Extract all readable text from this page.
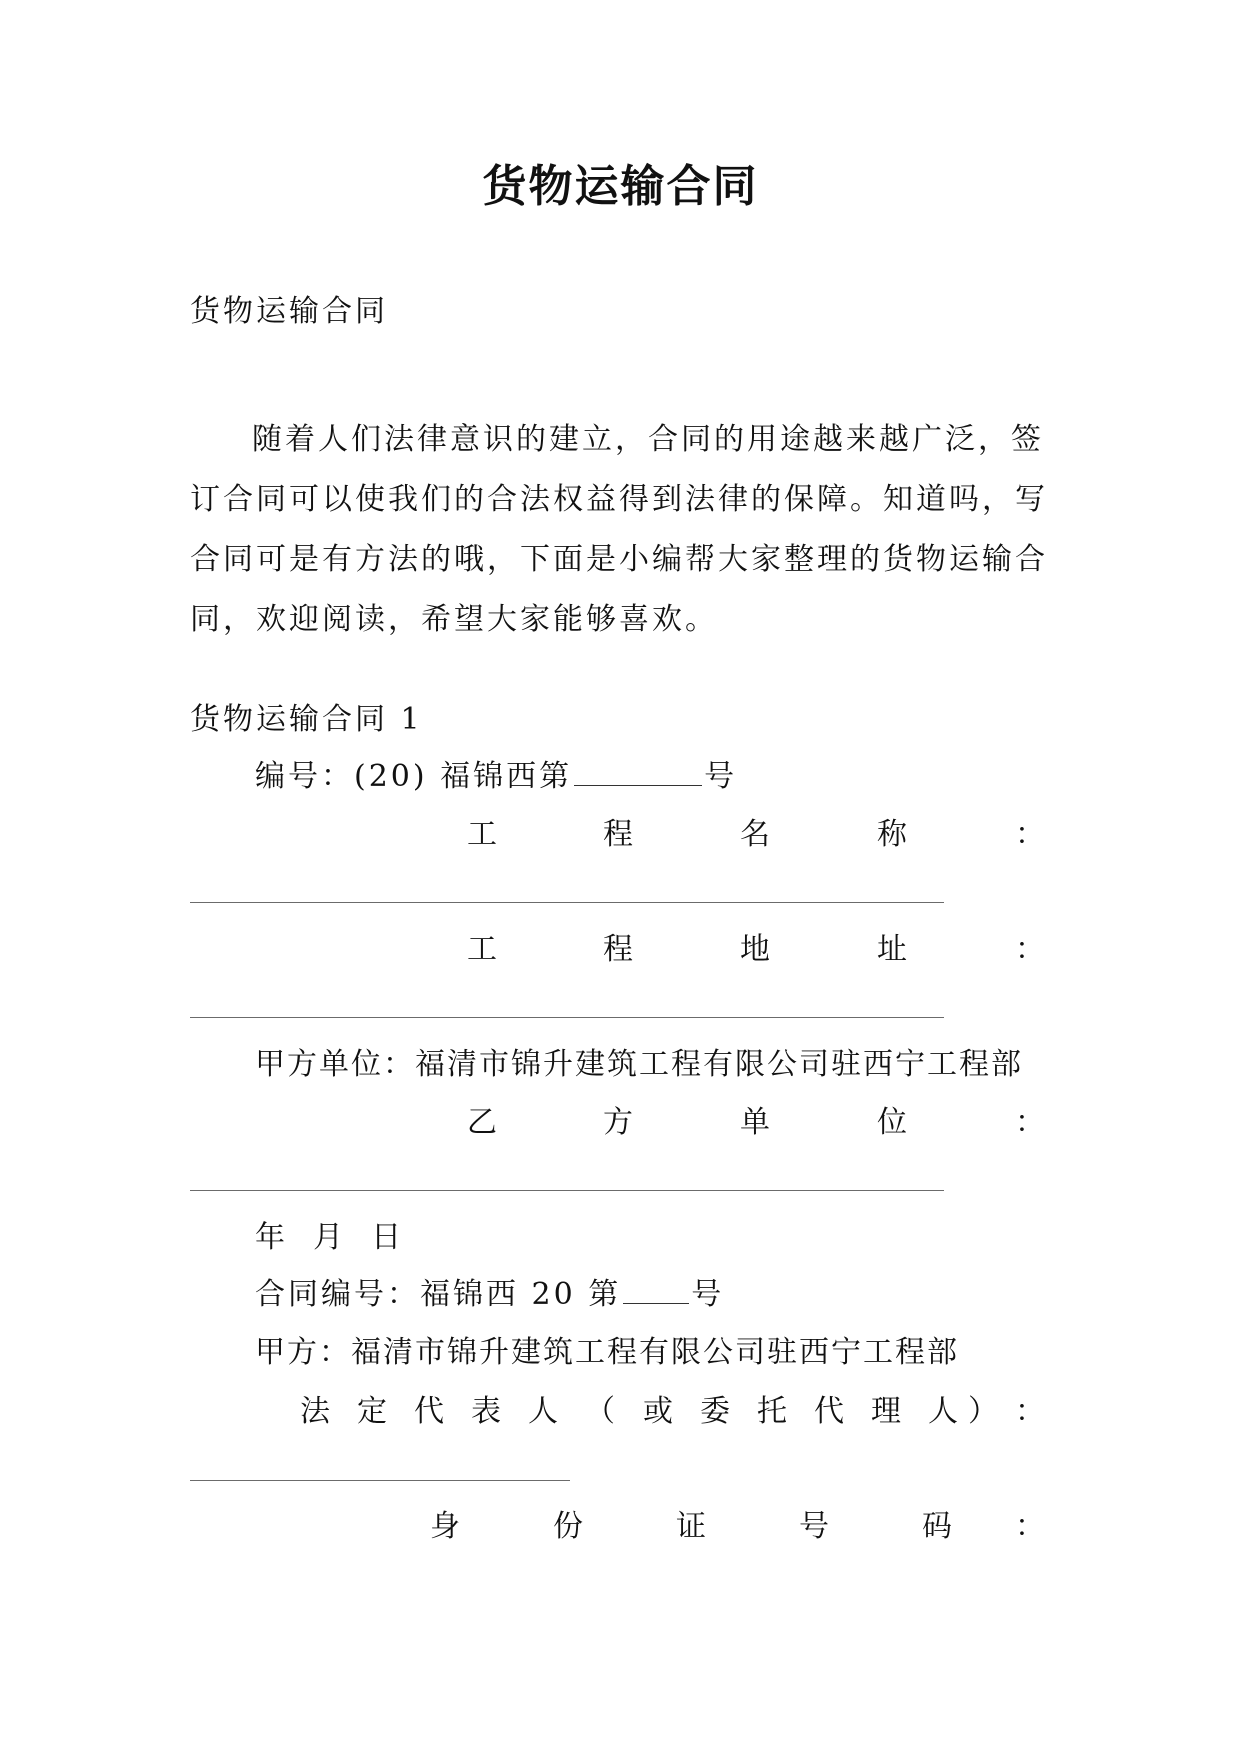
货物运输合同
货物运输合同
随着人们法律意识的建立，合同的用途越来越广泛，签
订合同可以使我们的合法权益得到法律的保障。知道吗，写
合同可是有方法的哦，下面是小编帮大家整理的货物运输合
同，欢迎阅读，希望大家能够喜欢。
货物运输合同 1
编号：(20) 福锦西第	号
工	程	名	称	：
工	程	地	址	：
甲方单位：福清市锦升建筑工程有限公司驻西宁工程部
乙	方	单	位	：
年  月  日
合同编号：福锦西 20 第 号
甲方：福清市锦升建筑工程有限公司驻西宁工程部
法 定 代 表 人 （ 或 委 托 代 理 人 ） ：
身	份	证	号	码 ：
